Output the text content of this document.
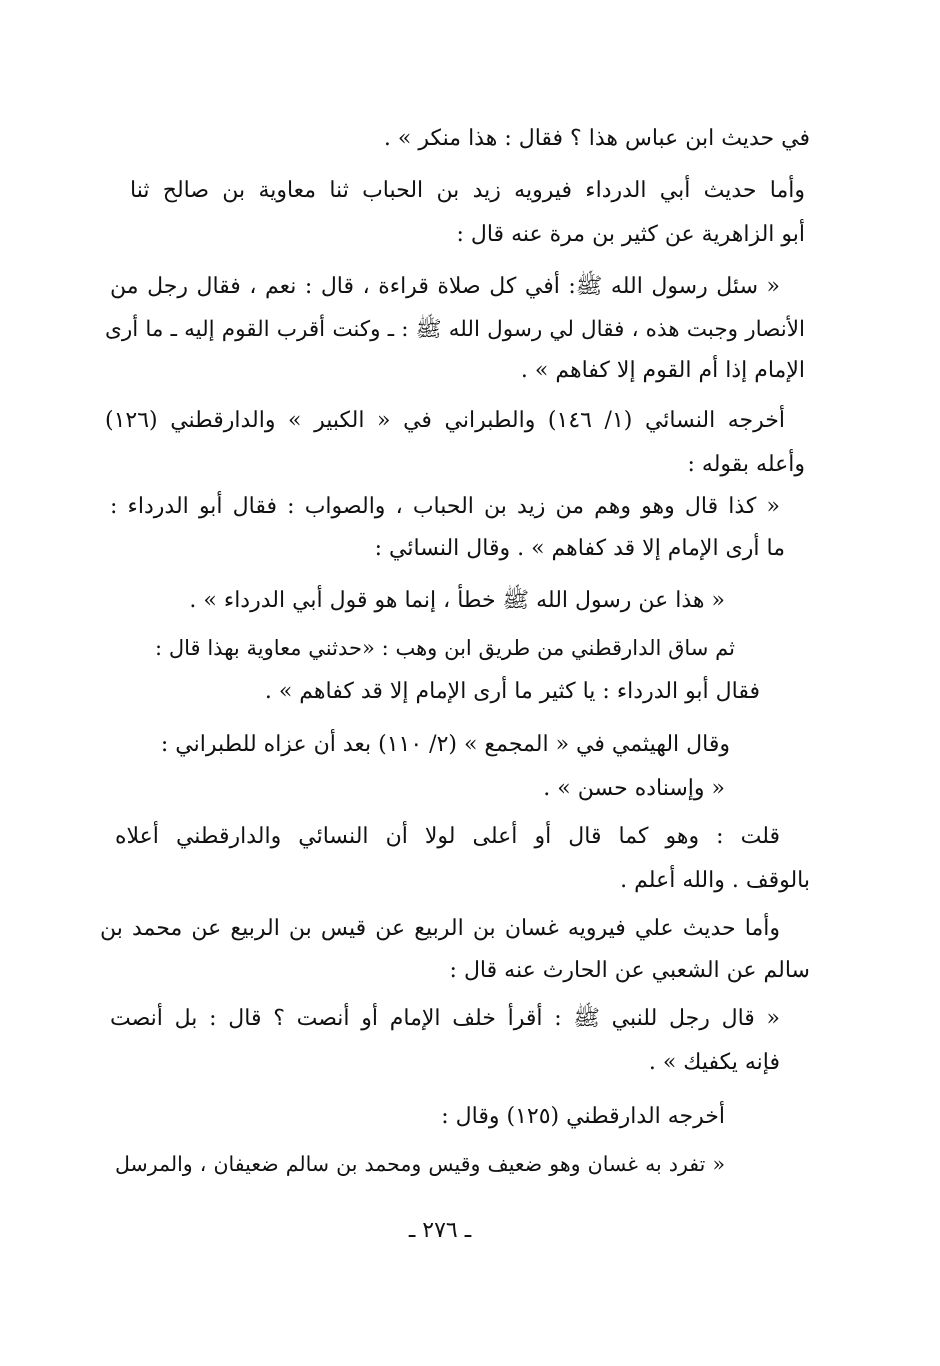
في حديث ابن عباس هذا ؟ فقال : هذا منكر » .
وأما حديث أبي الدرداء فيرويه زيد بن الحباب ثنا معاوية بن صالح ثنا
أبو الزاهرية عن كثير بن مرة عنه قال :
« سئل رسول الله ﷺ: أفي كل صلاة قراءة ، قال : نعم ، فقال رجل من
الأنصار وجبت هذه ، فقال لي رسول الله ﷺ : ـ وكنت أقرب القوم إليه ـ ما أرى
الإمام إذا أم القوم إلا كفاهم » .
أخرجه النسائي (١/ ١٤٦) والطبراني في « الكبير » والدارقطني (١٢٦)
وأعله بقوله :
« كذا قال وهو وهم من زيد بن الحباب ، والصواب : فقال أبو الدرداء :
ما أرى الإمام إلا قد كفاهم » . وقال النسائي :
« هذا عن رسول الله ﷺ خطأ ، إنما هو قول أبي الدرداء » .
ثم ساق الدارقطني من طريق ابن وهب : «حدثني معاوية بهذا قال :
فقال أبو الدرداء : يا كثير ما أرى الإمام إلا قد كفاهم » .
وقال الهيثمي في « المجمع » (٢/ ١١٠) بعد أن عزاه للطبراني :
« وإسناده حسن » .
قلت : وهو كما قال أو أعلى لولا أن النسائي والدارقطني أعلاه
بالوقف . والله أعلم .
وأما حديث علي فيرويه غسان بن الربيع عن قيس بن الربيع عن محمد بن
سالم عن الشعبي عن الحارث عنه قال :
« قال رجل للنبي ﷺ : أقرأ خلف الإمام أو أنصت ؟ قال : بل أنصت
فإنه يكفيك » .
أخرجه الدارقطني (١٢٥) وقال :
« تفرد به غسان وهو ضعيف وقيس ومحمد بن سالم ضعيفان ، والمرسل
ـ ٢٧٦ ـ
